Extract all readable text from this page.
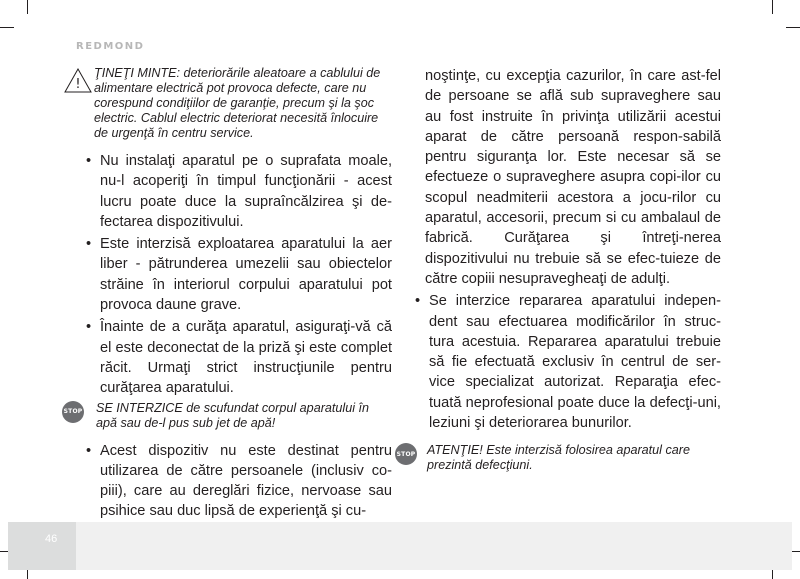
REDMOND
!

ŢINEŢI MINTE: deteriorările aleatoare a cablului de alimentare electrică pot provoca defecte, care nu corespund condiţiilor de garanţie, precum şi la şoc electric. Cablul electric deteriorat necesită înlocuire de urgenţă în centru service.

• Nu instalaţi aparatul pe o suprafata moale, nu-l acoperiţi în timpul funcţionării - acest lucru poate duce la supraîncălzirea şi de-fectarea dispozitivului.

• Este interzisă exploatarea aparatului la aer liber - pătrunderea umezelii sau obiectelor străine în interiorul corpului aparatului pot provoca daune grave.

• Înainte de a curăţa aparatul, asiguraţi-vă că el este deconectat de la priză şi este complet răcit. Urmaţi strict instrucţiunile pentru curăţarea aparatului.

STOP	SE INTERZICE de scufundat corpul aparatului în apă sau de-l pus sub jet de apă!

• Acest dispozitiv nu este destinat pentru utilizarea de către persoanele (inclusiv co-piii), care au dereglări fizice, nervoase sau psihice sau duc lipsă de experienţă şi cu-

noştinţe, cu excepţia cazurilor, în care ast-fel de persoane se află sub supraveghere sau au fost instruite în privinţa utilizării acestui aparat de către persoană respon-sabilă pentru siguranţa lor. Este necesar să se efectueze o supraveghere asupra copi-ilor cu scopul neadmiterii acestora a jocu-rilor cu aparatul, accesorii, precum si cu ambalaul de fabrică. Curăţarea şi întreţi-nerea dispozitivului nu trebuie să se efec-tuieze de către copiii nesupravegheaţi de adulţi.

• Se interzice repararea aparatului indepen-dent sau efectuarea modificărilor în struc-tura acestuia. Repararea aparatului trebuie să fie efectuată exclusiv în centrul de ser-vice specializat autorizat. Reparaţia efec-tuată neprofesional poate duce la defecţi-uni, leziuni şi deteriorarea bunurilor.

STOP ATENŢIE! Este interzisă folosirea aparatul care prezintă defecţiuni.

46
